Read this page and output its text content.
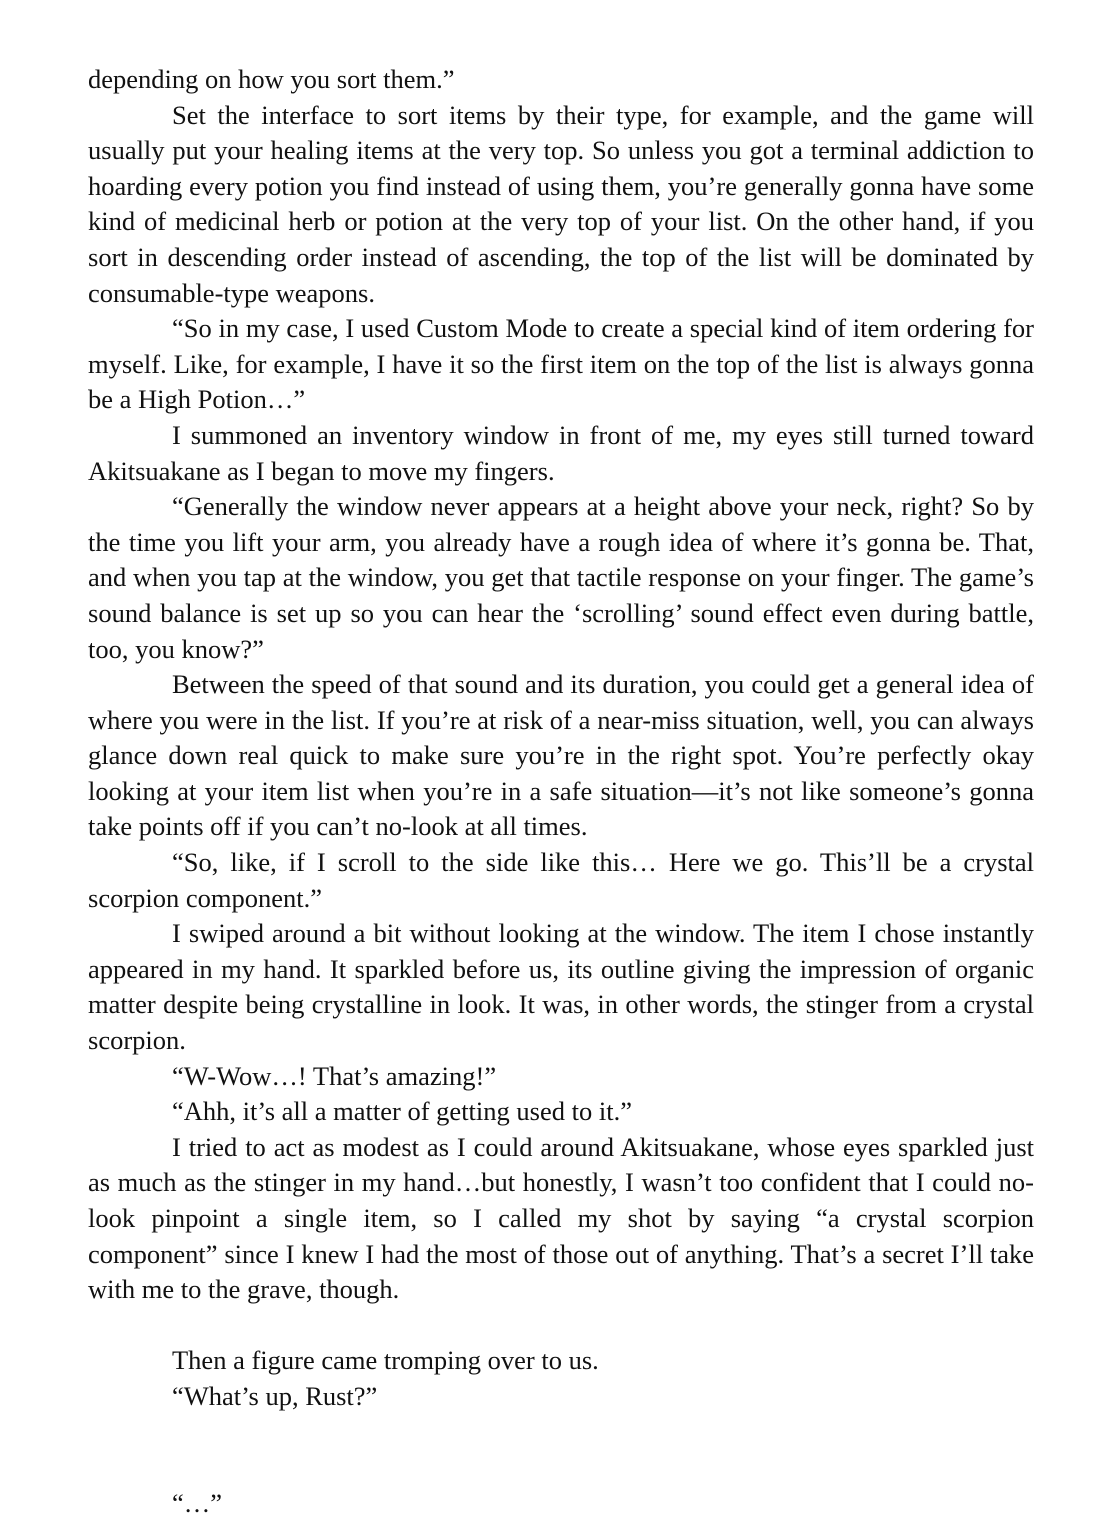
depending on how you sort them.”

Set the interface to sort items by their type, for example, and the game will usually put your healing items at the very top. So unless you got a terminal addiction to hoarding every potion you find instead of using them, you’re generally gonna have some kind of medicinal herb or potion at the very top of your list. On the other hand, if you sort in descending order instead of ascending, the top of the list will be dominated by consumable-type weapons.

“So in my case, I used Custom Mode to create a special kind of item ordering for myself. Like, for example, I have it so the first item on the top of the list is always gonna be a High Potion…”

I summoned an inventory window in front of me, my eyes still turned toward Akitsuakane as I began to move my fingers.

“Generally the window never appears at a height above your neck, right? So by the time you lift your arm, you already have a rough idea of where it’s gonna be. That, and when you tap at the window, you get that tactile response on your finger. The game’s sound balance is set up so you can hear the ‘scrolling’ sound effect even during battle, too, you know?”

Between the speed of that sound and its duration, you could get a general idea of where you were in the list. If you’re at risk of a near-miss situation, well, you can always glance down real quick to make sure you’re in the right spot. You’re perfectly okay looking at your item list when you’re in a safe situation—it’s not like someone’s gonna take points off if you can’t no-look at all times.

“So, like, if I scroll to the side like this… Here we go. This’ll be a crystal scorpion component.”

I swiped around a bit without looking at the window. The item I chose instantly appeared in my hand. It sparkled before us, its outline giving the impression of organic matter despite being crystalline in look. It was, in other words, the stinger from a crystal scorpion.

“W-Wow…! That’s amazing!”

“Ahh, it’s all a matter of getting used to it.”

I tried to act as modest as I could around Akitsuakane, whose eyes sparkled just as much as the stinger in my hand…but honestly, I wasn’t too confident that I could no-look pinpoint a single item, so I called my shot by saying “a crystal scorpion component” since I knew I had the most of those out of anything. That’s a secret I’ll take with me to the grave, though.

Then a figure came tromping over to us.

“What’s up, Rust?”

“…”
